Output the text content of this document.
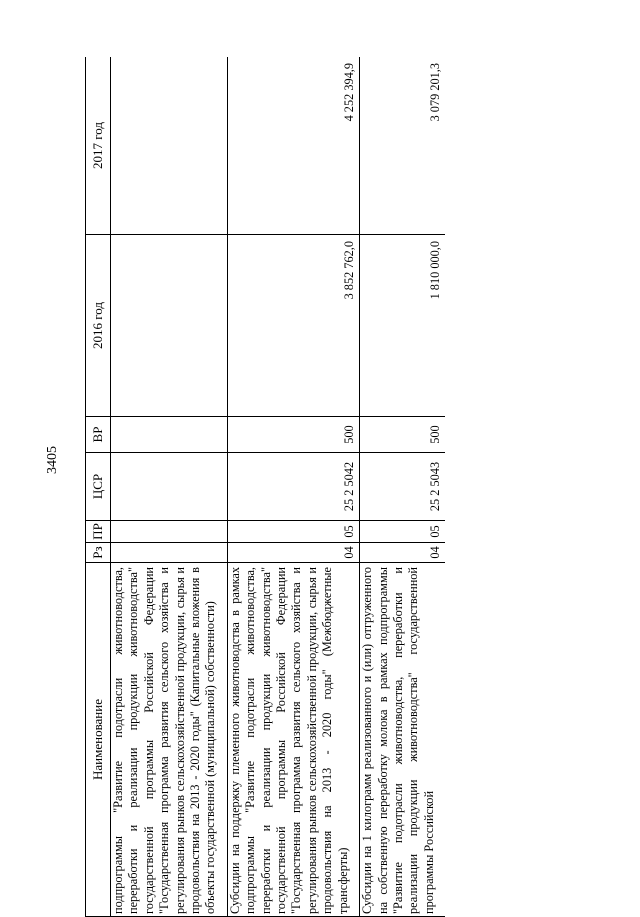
3405
Наименование	Рз	ПР	ЦСР	ВР	2016 год	2017 год
подпрограммы "Развитие подотрасли животноводства, переработки и реализации продукции животноводства" государственной программы Российской Федерации "Государственная программа развития сельского хозяйства и регулирования рынков сельскохозяйственной продукции, сырья и продовольствия на 2013 - 2020 годы" (Капитальные вложения в объекты государственной (муниципальной) собственности)						
Субсидии на поддержку племенного животноводства в рамках подпрограммы "Развитие подотрасли животноводства, переработки и реализации продукции животноводства" государственной программы Российской Федерации "Государственная программа развития сельского хозяйства и регулирования рынков сельскохозяйственной продукции, сырья и продовольствия на 2013 - 2020 годы" (Межбюджетные трансферты)	04	05	25 2 5042	500	3 852 762,0	4 252 394,9
Субсидии на 1 килограмм реализованного и (или) отгруженного на собственную переработку молока в рамках подпрограммы "Развитие подотрасли животноводства, переработки и реализации продукции животноводства" государственной программы Российской	04	05	25 2 5043	500	1 810 000,0	3 079 201,3
